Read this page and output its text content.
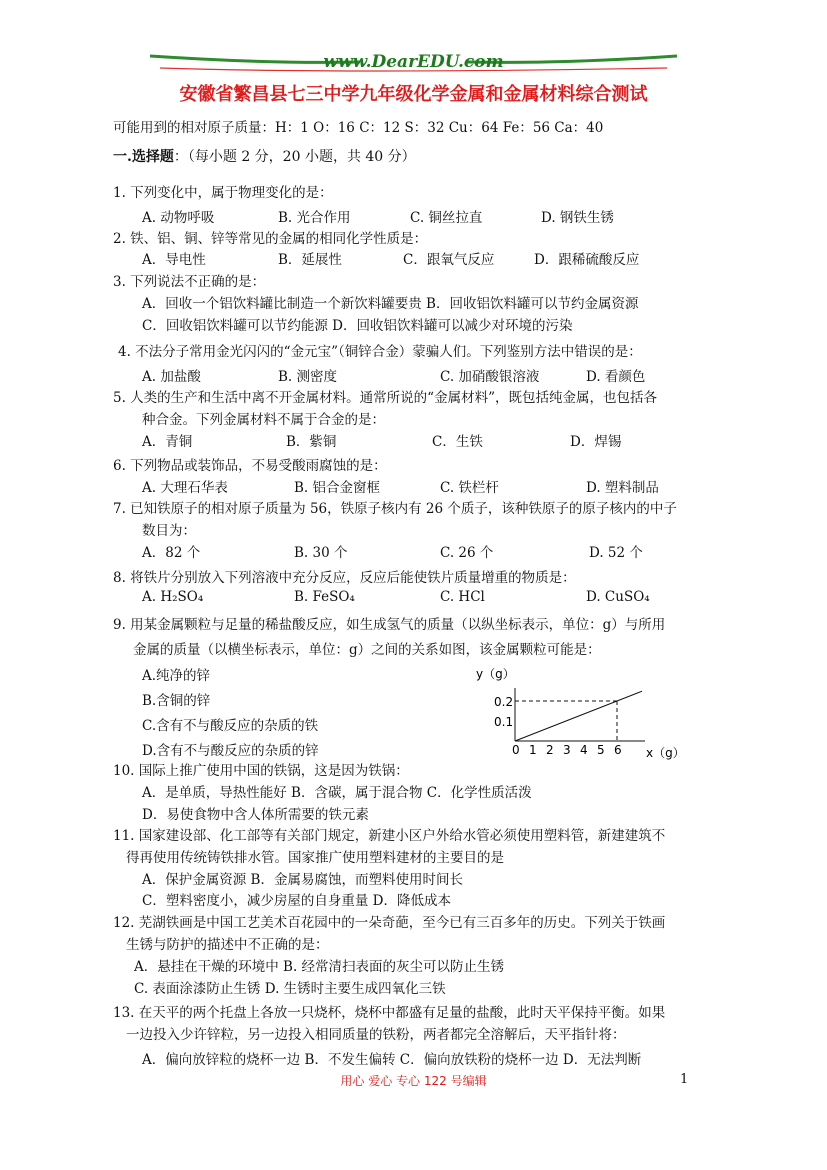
www.DearEDU.com
安徽省繁昌县七三中学九年级化学金属和金属材料综合测试
可能用到的相对原子质量：H：1 O：16 C：12 S：32 Cu：64 Fe：56 Ca：40
一.选择题：（每小题 2 分，20 小题，共 40 分）
1. 下列变化中，属于物理变化的是：
A. 动物呼吸	B. 光合作用	C. 铜丝拉直	D. 钢铁生锈
2. 铁、铝、铜、锌等常见的金属的相同化学性质是：
A．导电性	B．延展性	C．跟氧气反应	D．跟稀硫酸反应
3. 下列说法不正确的是：
A．回收一个铝饮料罐比制造一个新饮料罐要贵 B．回收铝饮料罐可以节约金属资源
C．回收铝饮料罐可以节约能源 D．回收铝饮料罐可以减少对环境的污染
4. 不法分子常用金光闪闪的“金元宝”（铜锌合金）蒙骗人们。下列鉴别方法中错误的是：
A. 加盐酸	B. 测密度	C. 加硝酸银溶液	D. 看颜色
5. 人类的生产和生活中离不开金属材料。通常所说的“金属材料”，既包括纯金属，也包括各
种合金。下列金属材料不属于合金的是：
A．青铜	B．紫铜	C．生铁	D．焊锡
6. 下列物品或装饰品，不易受酸雨腐蚀的是：
A. 大理石华表	B. 铝合金窗框	C. 铁栏杆	D. 塑料制品
7. 已知铁原子的相对原子质量为 56，铁原子核内有 26 个质子，该种铁原子的原子核内的中子
数目为：
A．82 个	B. 30 个	C. 26 个	D. 52 个
8. 将铁片分别放入下列溶液中充分反应，反应后能使铁片质量增重的物质是：
A. H₂SO₄	B. FeSO₄	C. HCl	D. CuSO₄
9. 用某金属颗粒与足量的稀盐酸反应，如生成氢气的质量（以纵坐标表示，单位：g）与所用
金属的质量（以横坐标表示，单位：g）之间的关系如图，该金属颗粒可能是：
A.纯净的锌
B.含铜的锌
C.含有不与酸反应的杂质的铁
D.含有不与酸反应的杂质的锌
y（g）
x（g）
0.2
0.1
0 1 2 3 4 5 6
10. 国际上推广使用中国的铁锅，这是因为铁锅：
A．是单质，导热性能好 B．含碳，属于混合物 C．化学性质活泼
D．易使食物中含人体所需要的铁元素
11. 国家建设部、化工部等有关部门规定，新建小区户外给水管必须使用塑料管，新建建筑不
得再使用传统铸铁排水管。国家推广使用塑料建材的主要目的是
A．保护金属资源 B．金属易腐蚀，而塑料使用时间长
C．塑料密度小，减少房屋的自身重量 D．降低成本
12. 芜湖铁画是中国工艺美术百花园中的一朵奇葩，至今已有三百多年的历史。下列关于铁画
生锈与防护的描述中不正确的是：
A．悬挂在干燥的环境中 B. 经常清扫表面的灰尘可以防止生锈
C. 表面涂漆防止生锈 D. 生锈时主要生成四氧化三铁
13. 在天平的两个托盘上各放一只烧杯，烧杯中都盛有足量的盐酸，此时天平保持平衡。如果
一边投入少许锌粒，另一边投入相同质量的铁粉，两者都完全溶解后，天平指针将：
A．偏向放锌粒的烧杯一边 B．不发生偏转 C．偏向放铁粉的烧杯一边 D．无法判断
用心 爱心 专心 122 号编辑	1
